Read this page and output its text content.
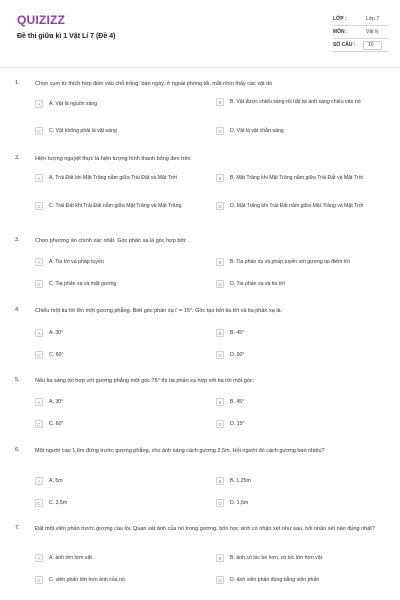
QUIZIZZ
Đề thi giữa kì 1 Vật Lí 7 (Đề 4)
LỚP :	Lớp 7
MÔN :	Vật lý
SỐ CÂU :	10
1.	Chọn cụm từ thích hợp điền vào chỗ trống: ban ngày, ở ngoài phòng tối, mắt nhìn thấy các vật do
A	A. Vật là nguồn sáng	B	B. Vật được chiếu sáng rồi hắt lại ánh sáng chiếu vào nó
C	C. Vật không phải là vật sáng	D	D. Vật là vật chắn sáng
2.	Hiện tượng nguyệt thực là hiện tượng hình thành bóng đen trên
A	A. Trái Đất khi Mặt Trăng nằm giữa Trái Đất và Mặt Trời	B	B. Mặt Trăng khi Mặt Trăng nằm giữa Trái Đất và Mặt Trời
C	C. Trái Đất khi Trái Đất nằm giữa Mặt Trăng và Mặt Trăng	D	D. Mặt Trăng khi Trái Đất nằm giữa Mặt Trăng và Mặt Trời
3.	Chọn phương án chính xác nhất. Góc phản xạ là góc hợp bởi:
A	A. Tia tới và pháp tuyến	B	B. Tia phản xạ và pháp tuyến với gương tại điểm tới
C	C. Tia phản xạ và mặt gương	D	D. Tia phản xạ và tia tới
4.	Chiếu một tia tới lên một gương phẳng. Biết góc phản xạ i' = 15°. Góc tạo bởi tia tới và tia phản xạ là:
A	A. 30°	B	B. 45°
C	C. 60°	D	D. 90°
5.	Nếu tia sáng tới hợp với gương phẳng một góc 75° thì tia phản xạ hợp với tia tới một góc:
A	A. 30°	B	B. 45°
C	C. 60°	D	D. 15°
6.	Một người cao 1,6m đứng trước gương phẳng, cho ảnh sáng cách gương 2,5m. Hỏi người đó cách gương bao nhiêu?
A	A. 5m	B	B. 1,25m
C	C. 2,5m	D	D. 1,6m
7.	Đặt một viên phấn trước gương cầu lồi. Quan sát ảnh của nó trong gương, bốn học sinh có nhận xét như sau, hỏi nhận xét nào đúng nhất?
A	A. ảnh lớn hơn vật	B	B. ảnh có lúc bé hơn, có lúc lớn hơn vật
C	C. viên phấn lớn hơn ảnh của nó	D	D. ảnh viên phấn đúng bằng viên phấn
